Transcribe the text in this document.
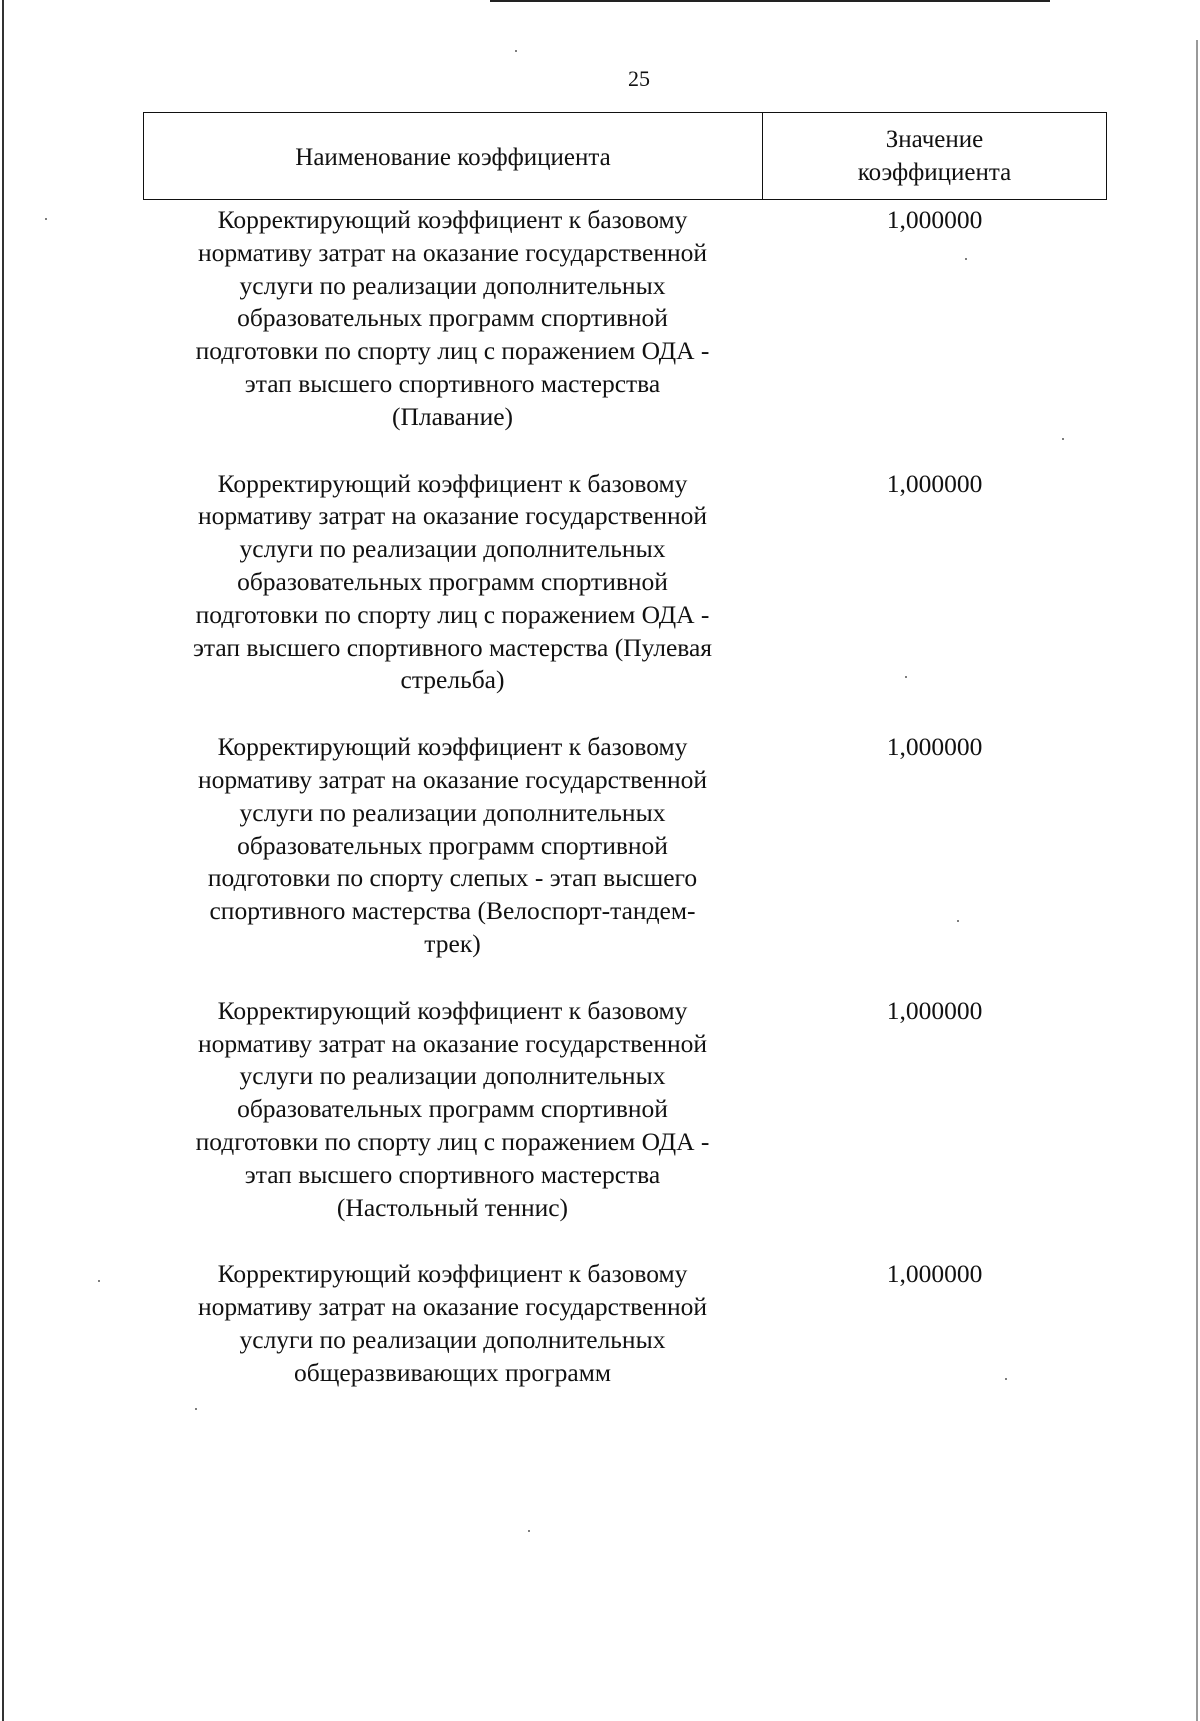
25
Наименование коэффициента
Значение
коэффициента
Корректирующий коэффициент к базовому
нормативу затрат на оказание государственной
услуги по реализации дополнительных
образовательных программ спортивной
подготовки по спорту лиц с поражением ОДА -
этап высшего спортивного мастерства
(Плавание)
1,000000
Корректирующий коэффициент к базовому
нормативу затрат на оказание государственной
услуги по реализации дополнительных
образовательных программ спортивной
подготовки по спорту лиц с поражением ОДА -
этап высшего спортивного мастерства (Пулевая
стрельба)
1,000000
Корректирующий коэффициент к базовому
нормативу затрат на оказание государственной
услуги по реализации дополнительных
образовательных программ спортивной
подготовки по спорту слепых - этап высшего
спортивного мастерства (Велоспорт-тандем-
трек)
1,000000
Корректирующий коэффициент к базовому
нормативу затрат на оказание государственной
услуги по реализации дополнительных
образовательных программ спортивной
подготовки по спорту лиц с поражением ОДА -
этап высшего спортивного мастерства
(Настольный теннис)
1,000000
Корректирующий коэффициент к базовому
нормативу затрат на оказание государственной
услуги по реализации дополнительных
общеразвивающих программ
1,000000
